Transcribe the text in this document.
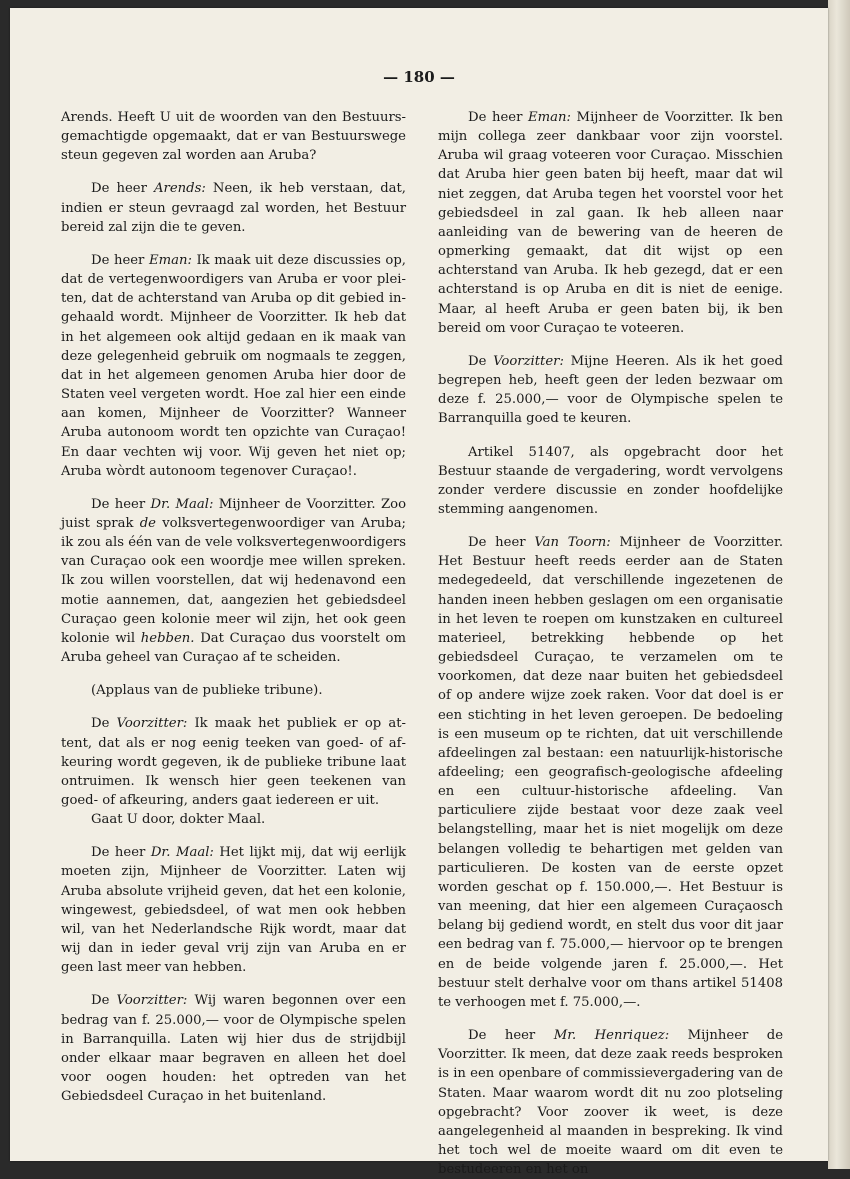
— 180 —

Arends. Heeft U uit de woorden van den Bestuursgemachtigde opgemaakt, dat er van Bestuurswege steun gegeven zal worden aan Aruba?

De heer Arends: Neen, ik heb verstaan, dat, indien er steun gevraagd zal worden, het Bestuur bereid zal zijn die te geven.

De heer Eman: Ik maak uit deze discussies op, dat de vertegenwoordigers van Aruba er voor pleiten, dat de achterstand van Aruba op dit gebied ingehaald wordt. Mijnheer de Voorzitter. Ik heb dat in het algemeen ook altijd gedaan en ik maak van deze gelegenheid gebruik om nogmaals te zeggen, dat in het algemeen genomen Aruba hier door de Staten veel vergeten wordt. Hoe zal hier een einde aan komen, Mijnheer de Voorzitter? Wanneer Aruba autonoom wordt ten opzichte van Curaçao! En daar vechten wij voor. Wij geven het niet op; Aruba wòrdt autonoom tegenover Curaçao!.

De heer Dr. Maal: Mijnheer de Voorzitter. Zoo juist sprak de volksvertegenwoordiger van Aruba; ik zou als één van de vele volksvertegenwoordigers van Curaçao ook een woordje mee willen spreken. Ik zou willen voorstellen, dat wij hedenavond een motie aannemen, dat, aangezien het gebiedsdeel Curaçao geen kolonie meer wil zijn, het ook geen kolonie wil hebben. Dat Curaçao dus voorstelt om Aruba geheel van Curaçao af te scheiden.

(Applaus van de publieke tribune).

De Voorzitter: Ik maak het publiek er op attent, dat als er nog eenig teeken van goed- of afkeuring wordt gegeven, ik de publieke tribune laat ontruimen. Ik wensch hier geen teekenen van goed- of afkeuring, anders gaat iedereen er uit.

Gaat U door, dokter Maal.

De heer Dr. Maal: Het lijkt mij, dat wij eerlijk moeten zijn, Mijnheer de Voorzitter. Laten wij Aruba absolute vrijheid geven, dat het een kolonie, wingewest, gebiedsdeel, of wat men ook hebben wil, van het Nederlandsche Rijk wordt, maar dat wij dan in ieder geval vrij zijn van Aruba en er geen last meer van hebben.

De Voorzitter: Wij waren begonnen over een bedrag van f. 25.000,— voor de Olympische spelen in Barranquilla. Laten wij hier dus de strijdbijl onder elkaar maar begraven en alleen het doel voor oogen houden: het optreden van het Gebiedsdeel Curaçao in het buitenland.

De heer Eman: Mijnheer de Voorzitter. Ik ben mijn collega zeer dankbaar voor zijn voorstel. Aruba wil graag voteeren voor Curaçao. Misschien dat Aruba hier geen baten bij heeft, maar dat wil niet zeggen, dat Aruba tegen het voorstel voor het gebiedsdeel in zal gaan. Ik heb alleen naar aanleiding van de bewering van de heeren de opmerking gemaakt, dat dit wijst op een achterstand van Aruba. Ik heb gezegd, dat er een achterstand is op Aruba en dit is niet de eenige. Maar, al heeft Aruba er geen baten bij, ik ben bereid om voor Curaçao te voteeren.

De Voorzitter: Mijne Heeren. Als ik het goed begrepen heb, heeft geen der leden bezwaar om deze f. 25.000,— voor de Olympische spelen te Barranquilla goed te keuren.

Artikel 51407, als opgebracht door het Bestuur staande de vergadering, wordt vervolgens zonder verdere discussie en zonder hoofdelijke stemming aangenomen.

De heer Van Toorn: Mijnheer de Voorzitter. Het Bestuur heeft reeds eerder aan de Staten medegedeeld, dat verschillende ingezetenen de handen ineen hebben geslagen om een organisatie in het leven te roepen om kunstzaken en cultureel materieel, betrekking hebbende op het gebiedsdeel Curaçao, te verzamelen om te voorkomen, dat deze naar buiten het gebiedsdeel of op andere wijze zoek raken. Voor dat doel is er een stichting in het leven geroepen. De bedoeling is een museum op te richten, dat uit verschillende afdeelingen zal bestaan: een natuurlijk-historische afdeeling; een geografisch-geologische afdeeling en een cultuur-historische afdeeling. Van particuliere zijde bestaat voor deze zaak veel belangstelling, maar het is niet mogelijk om deze belangen volledig te behartigen met gelden van particulieren. De kosten van de eerste opzet worden geschat op f. 150.000,—. Het Bestuur is van meening, dat hier een algemeen Curaçaosch belang bij gediend wordt, en stelt dus voor dit jaar een bedrag van f. 75.000,— hiervoor op te brengen en de beide volgende jaren f. 25.000,—. Het bestuur stelt derhalve voor om thans artikel 51408 te verhoogen met f. 75.000,—.

De heer Mr. Henriquez: Mijnheer de Voorzitter. Ik meen, dat deze zaak reeds besproken is in een openbare of commissievergadering van de Staten. Maar waarom wordt dit nu zoo plotseling opgebracht? Voor zoover ik weet, is deze aangelegenheid al maanden in bespreking. Ik vind het toch wel de moeite waard om dit even te bestudeeren en het on
